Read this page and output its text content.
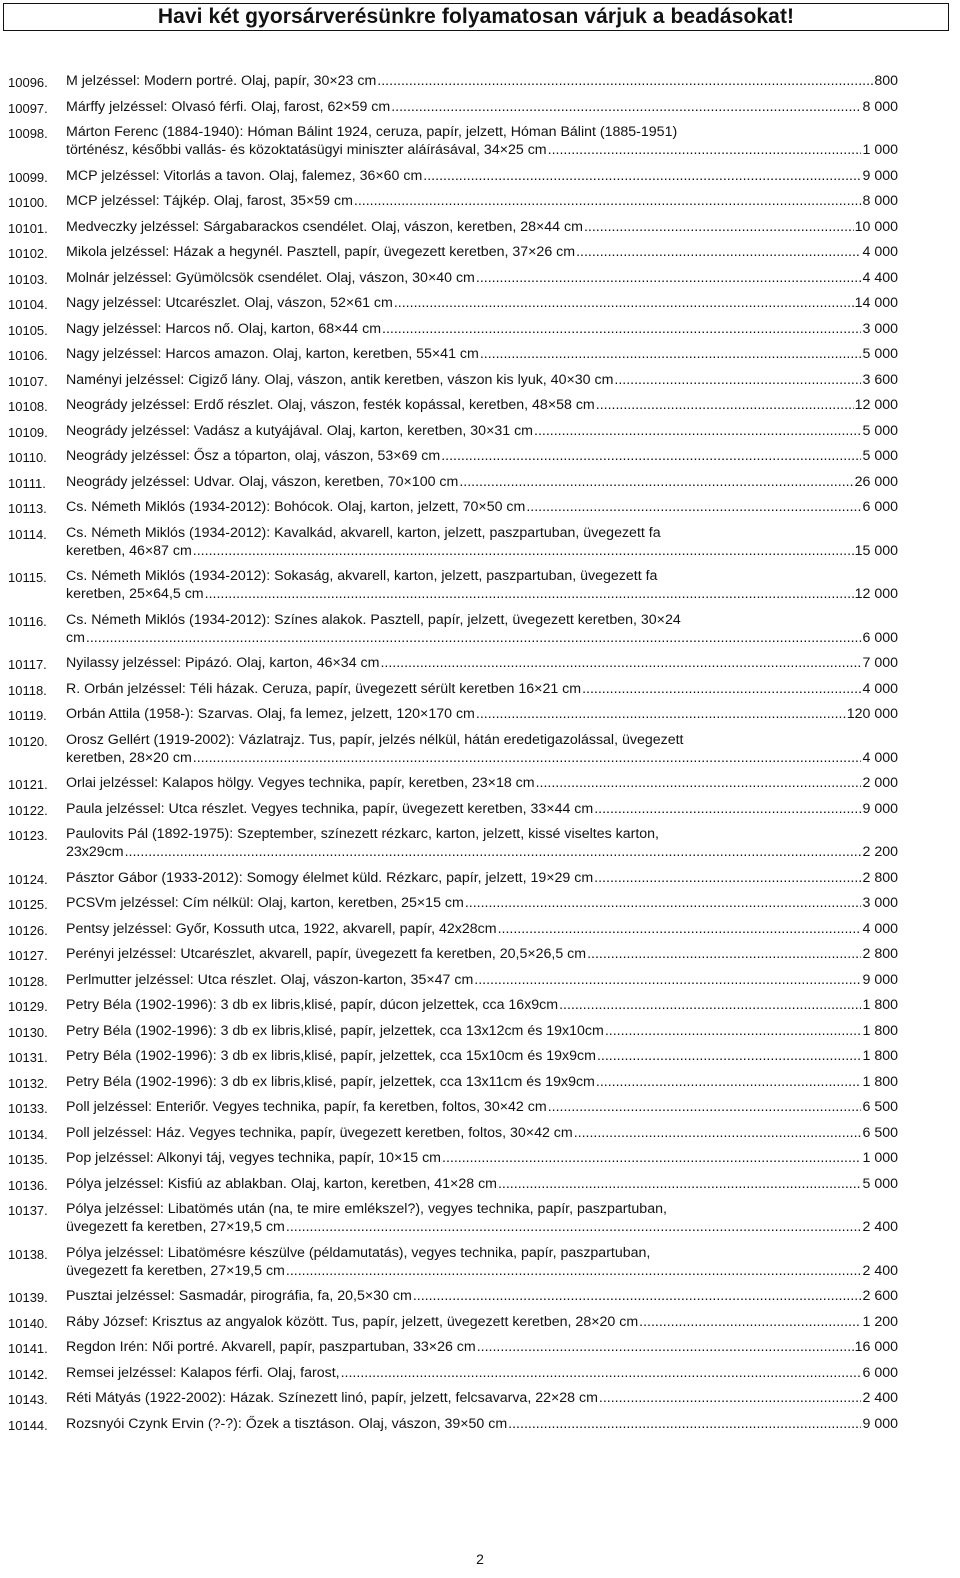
Havi két gyorsárverésünkre folyamatosan várjuk a beadásokat!
10096.	M jelzéssel: Modern portré. Olaj, papír, 30×23 cm .....	800
10097.	Márffy jelzéssel: Olvasó férfi. Olaj, farost, 62×59 cm .....	8 000
10098.	Márton Ferenc (1884-1940): Hóman Bálint 1924, ceruza, papír, jelzett, Hóman Bálint (1885-1951)
történész, későbbi vallás- és közoktatásügyi miniszter aláírásával, 34×25 cm .....	1 000
10099.	MCP jelzéssel: Vitorlás a tavon. Olaj, falemez, 36×60 cm .....	9 000
10100.	MCP jelzéssel: Tájkép. Olaj, farost, 35×59 cm .....	8 000
10101.	Medveczky jelzéssel: Sárgabarackos csendélet. Olaj, vászon, keretben, 28×44 cm .....	10 000
10102.	Mikola jelzéssel: Házak a hegynél. Pasztell, papír, üvegezett keretben, 37×26 cm .....	4 000
10103.	Molnár jelzéssel: Gyümölcsök csendélet. Olaj, vászon, 30×40 cm .....	4 400
10104.	Nagy jelzéssel: Utcarészlet. Olaj, vászon, 52×61 cm .....	14 000
10105.	Nagy jelzéssel: Harcos nő. Olaj, karton, 68×44 cm .....	3 000
10106.	Nagy jelzéssel: Harcos amazon. Olaj, karton, keretben, 55×41 cm .....	5 000
10107.	Naményi jelzéssel: Cigiző lány. Olaj, vászon, antik keretben, vászon kis lyuk, 40×30 cm .....	3 600
10108.	Neogrády jelzéssel: Erdő részlet. Olaj, vászon, festék kopással, keretben, 48×58 cm .....	12 000
10109.	Neogrády jelzéssel: Vadász a kutyájával. Olaj, karton, keretben, 30×31 cm .....	5 000
10110.	Neogrády jelzéssel: Ősz a tóparton, olaj, vászon, 53×69 cm .....	5 000
10111.	Neogrády jelzéssel: Udvar. Olaj, vászon, keretben, 70×100 cm .....	26 000
10113.	Cs. Németh Miklós (1934-2012): Bohócok. Olaj, karton, jelzett, 70×50 cm .....	6 000
10114.	Cs. Németh Miklós (1934-2012): Kavalkád, akvarell, karton, jelzett, paszpartuban, üvegezett fa
keretben, 46×87 cm .....	15 000
10115.	Cs. Németh Miklós (1934-2012): Sokaság, akvarell, karton, jelzett, paszpartuban, üvegezett fa
keretben, 25×64,5 cm .....	12 000
10116.	Cs. Németh Miklós (1934-2012): Színes alakok. Pasztell, papír, jelzett, üvegezett keretben, 30×24
cm .....	6 000
10117.	Nyilassy jelzéssel: Pipázó. Olaj, karton, 46×34 cm .....	7 000
10118.	R. Orbán jelzéssel: Téli házak. Ceruza, papír, üvegezett sérült keretben 16×21 cm .....	4 000
10119.	Orbán Attila (1958-): Szarvas. Olaj, fa lemez, jelzett, 120×170 cm .....	120 000
10120.	Orosz Gellért (1919-2002): Vázlatrajz. Tus, papír, jelzés nélkül, hátán eredetigazolással, üvegezett
keretben, 28×20 cm .....	4 000
10121.	Orlai jelzéssel: Kalapos hölgy. Vegyes technika, papír, keretben, 23×18 cm .....	2 000
10122.	Paula jelzéssel: Utca részlet. Vegyes technika, papír, üvegezett keretben, 33×44 cm .....	9 000
10123.	Paulovits Pál (1892-1975): Szeptember, színezett rézkarc, karton, jelzett, kissé viseltes karton,
23x29cm .....	2 200
10124.	Pásztor Gábor (1933-2012): Somogy élelmet küld. Rézkarc, papír, jelzett, 19×29 cm .....	2 800
10125.	PCSVm jelzéssel: Cím nélkül: Olaj, karton, keretben, 25×15 cm .....	3 000
10126.	Pentsy jelzéssel: Győr, Kossuth utca, 1922, akvarell, papír, 42x28cm .....	4 000
10127.	Perényi jelzéssel: Utcarészlet, akvarell, papír, üvegezett fa keretben, 20,5×26,5 cm .....	2 800
10128.	Perlmutter jelzéssel: Utca részlet. Olaj, vászon-karton, 35×47 cm .....	9 000
10129.	Petry Béla (1902-1996): 3 db ex libris,klisé, papír, dúcon jelzettek, cca 16x9cm .....	1 800
10130.	Petry Béla (1902-1996): 3 db ex libris,klisé, papír, jelzettek, cca 13x12cm és 19x10cm .....	1 800
10131.	Petry Béla (1902-1996): 3 db ex libris,klisé, papír, jelzettek, cca 15x10cm és 19x9cm .....	1 800
10132.	Petry Béla (1902-1996): 3 db ex libris,klisé, papír, jelzettek, cca 13x11cm és 19x9cm .....	1 800
10133.	Poll jelzéssel: Enteriőr. Vegyes technika, papír, fa keretben, foltos, 30×42 cm .....	6 500
10134.	Poll jelzéssel: Ház. Vegyes technika, papír, üvegezett keretben, foltos, 30×42 cm .....	6 500
10135.	Pop jelzéssel: Alkonyi táj, vegyes technika, papír, 10×15 cm .....	1 000
10136.	Pólya jelzéssel: Kisfiú az ablakban. Olaj, karton, keretben, 41×28 cm .....	5 000
10137.	Pólya jelzéssel: Libatömés után (na, te mire emlékszel?), vegyes technika, papír, paszpartuban,
üvegezett fa keretben, 27×19,5 cm .....	2 400
10138.	Pólya jelzéssel: Libatömésre készülve (példamutatás), vegyes technika, papír, paszpartuban,
üvegezett fa keretben, 27×19,5 cm .....	2 400
10139.	Pusztai jelzéssel: Sasmadár, pirográfia, fa, 20,5×30 cm .....	2 600
10140.	Ráby József: Krisztus az angyalok között. Tus, papír, jelzett, üvegezett keretben, 28×20 cm .....	1 200
10141.	Regdon Irén: Női portré. Akvarell, papír, paszpartuban, 33×26 cm .....	16 000
10142.	Remsei jelzéssel: Kalapos férfi. Olaj, farost, .....	6 000
10143.	Réti Mátyás (1922-2002): Házak. Színezett linó, papír, jelzett, felcsavarva, 22×28 cm .....	2 400
10144.	Rozsnyói Czynk Ervin (?-?): Őzek a tisztáson. Olaj, vászon, 39×50 cm .....	9 000
2
